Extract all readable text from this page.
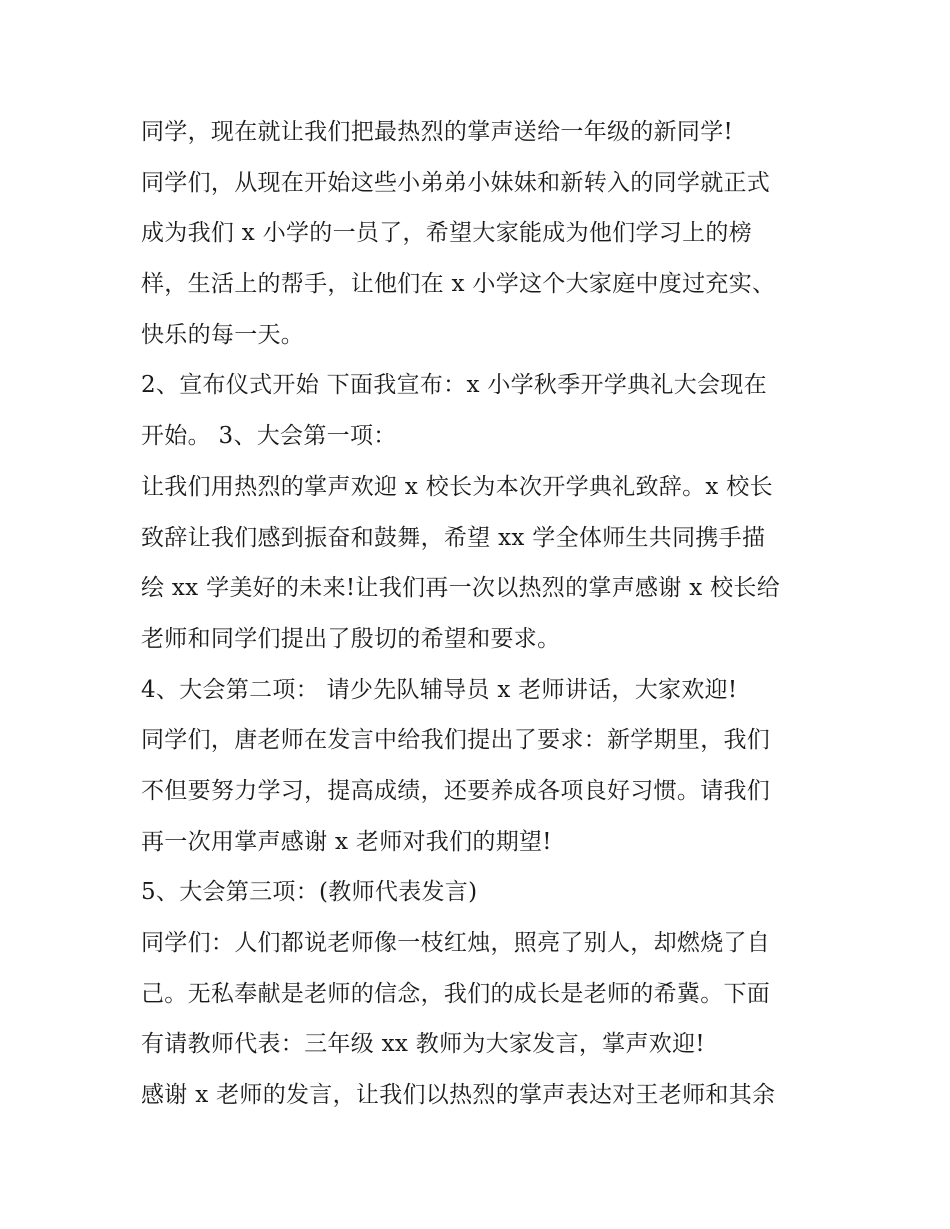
同学，现在就让我们把最热烈的掌声送给一年级的新同学!
同学们，从现在开始这些小弟弟小妹妹和新转入的同学就正式
成为我们 x 小学的一员了，希望大家能成为他们学习上的榜
样，生活上的帮手，让他们在 x 小学这个大家庭中度过充实、
快乐的每一天。
2、宣布仪式开始 下面我宣布：x 小学秋季开学典礼大会现在
开始。 3、大会第一项：
让我们用热烈的掌声欢迎 x 校长为本次开学典礼致辞。x 校长
致辞让我们感到振奋和鼓舞，希望 xx 学全体师生共同携手描
绘 xx 学美好的未来!让我们再一次以热烈的掌声感谢 x 校长给
老师和同学们提出了殷切的希望和要求。
4、大会第二项： 请少先队辅导员 x 老师讲话，大家欢迎!
同学们，唐老师在发言中给我们提出了要求：新学期里，我们
不但要努力学习，提高成绩，还要养成各项良好习惯。请我们
再一次用掌声感谢 x 老师对我们的期望!
5、大会第三项：(教师代表发言)
同学们：人们都说老师像一枝红烛，照亮了别人，却燃烧了自
己。无私奉献是老师的信念，我们的成长是老师的希冀。下面
有请教师代表：三年级 xx 教师为大家发言，掌声欢迎!
感谢 x 老师的发言，让我们以热烈的掌声表达对王老师和其余
